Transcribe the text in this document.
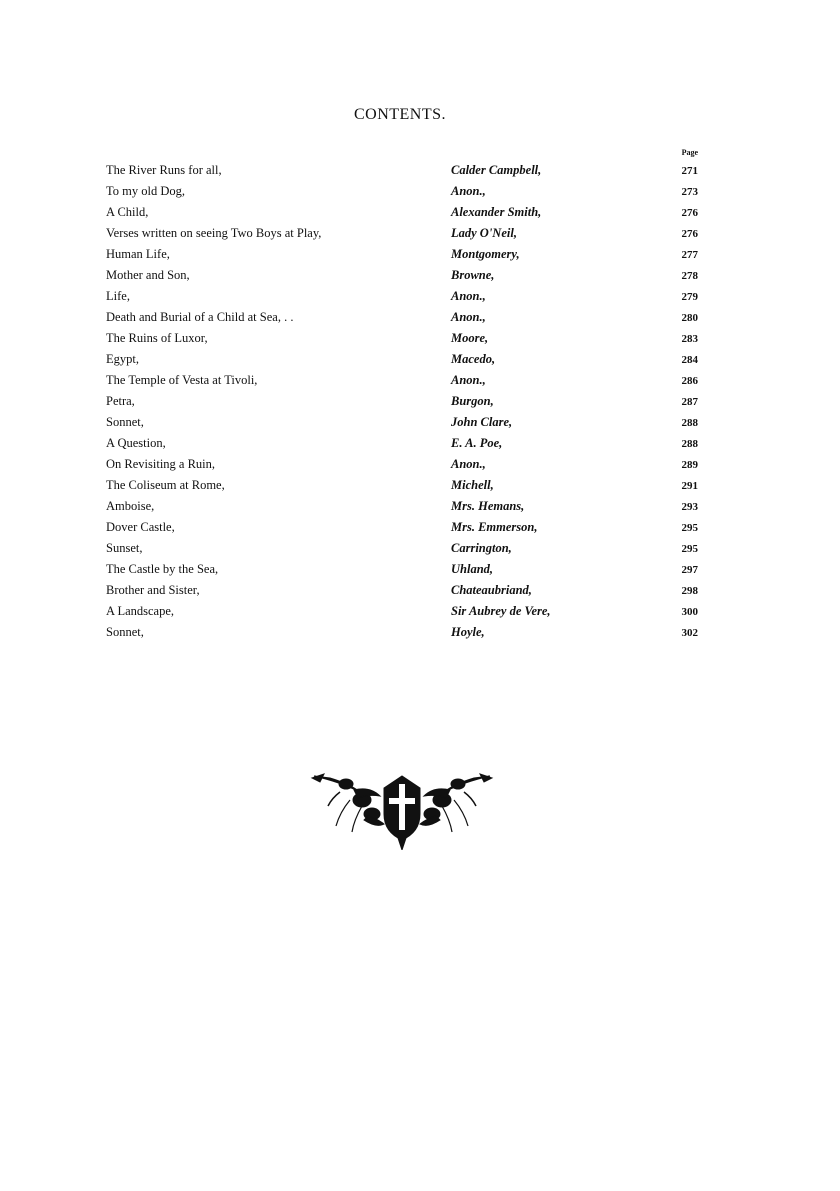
CONTENTS.
Page
The River Runs for all,	Calder Campbell,	271
To my old Dog,	Anon.,	273
A Child,	Alexander Smith,	276
Verses written on seeing Two Boys at Play,	Lady O'Neil,	276
Human Life,	Montgomery,	277
Mother and Son,	Browne,	278
Life,	Anon.,	279
Death and Burial of a Child at Sea, . .	Anon.,	280
The Ruins of Luxor,	Moore,	283
Egypt,	Macedo,	284
The Temple of Vesta at Tivoli,	Anon.,	286
Petra,	Burgon,	287
Sonnet,	John Clare,	288
A Question,	E. A. Poe,	288
On Revisiting a Ruin,	Anon.,	289
The Coliseum at Rome,	Michell,	291
Amboise,	Mrs. Hemans,	293
Dover Castle,	Mrs. Emmerson,	295
Sunset,	Carrington,	295
The Castle by the Sea,	Uhland,	297
Brother and Sister,	Chateaubriand,	298
A Landscape,	Sir Aubrey de Vere,	300
Sonnet,	Hoyle,	302
